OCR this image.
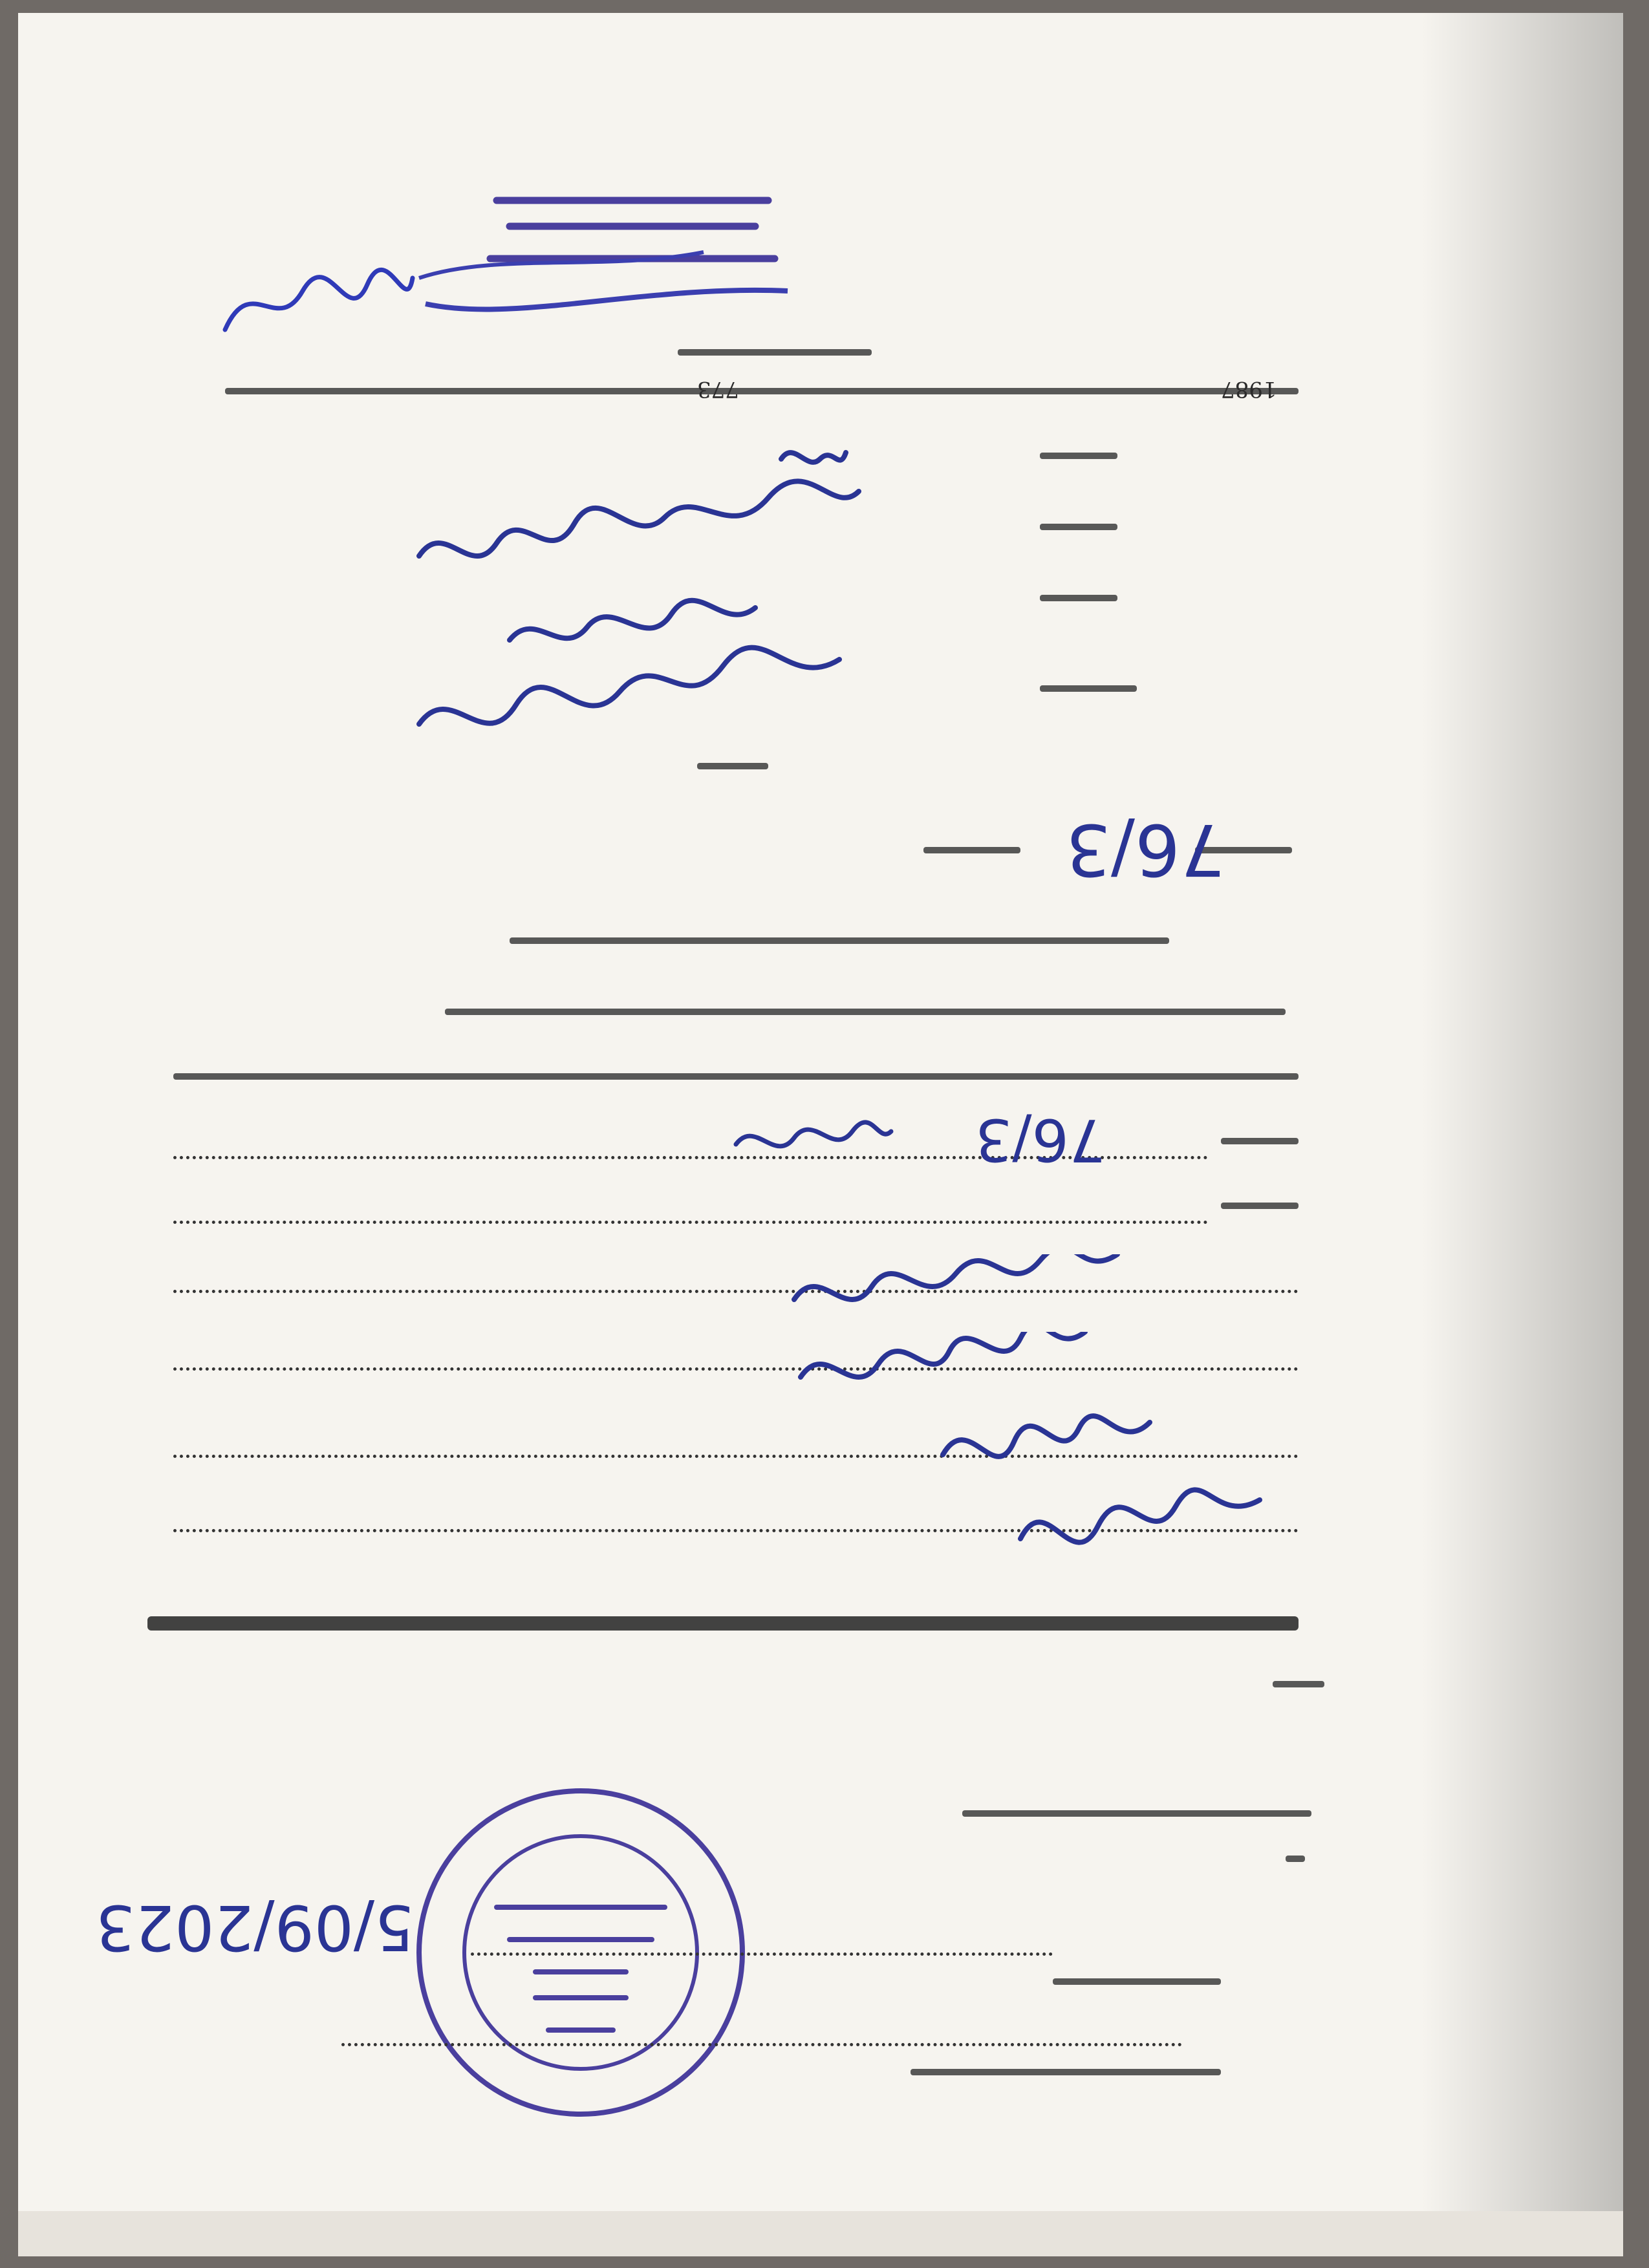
773	1987
76/3
76/3
5/09/2023
